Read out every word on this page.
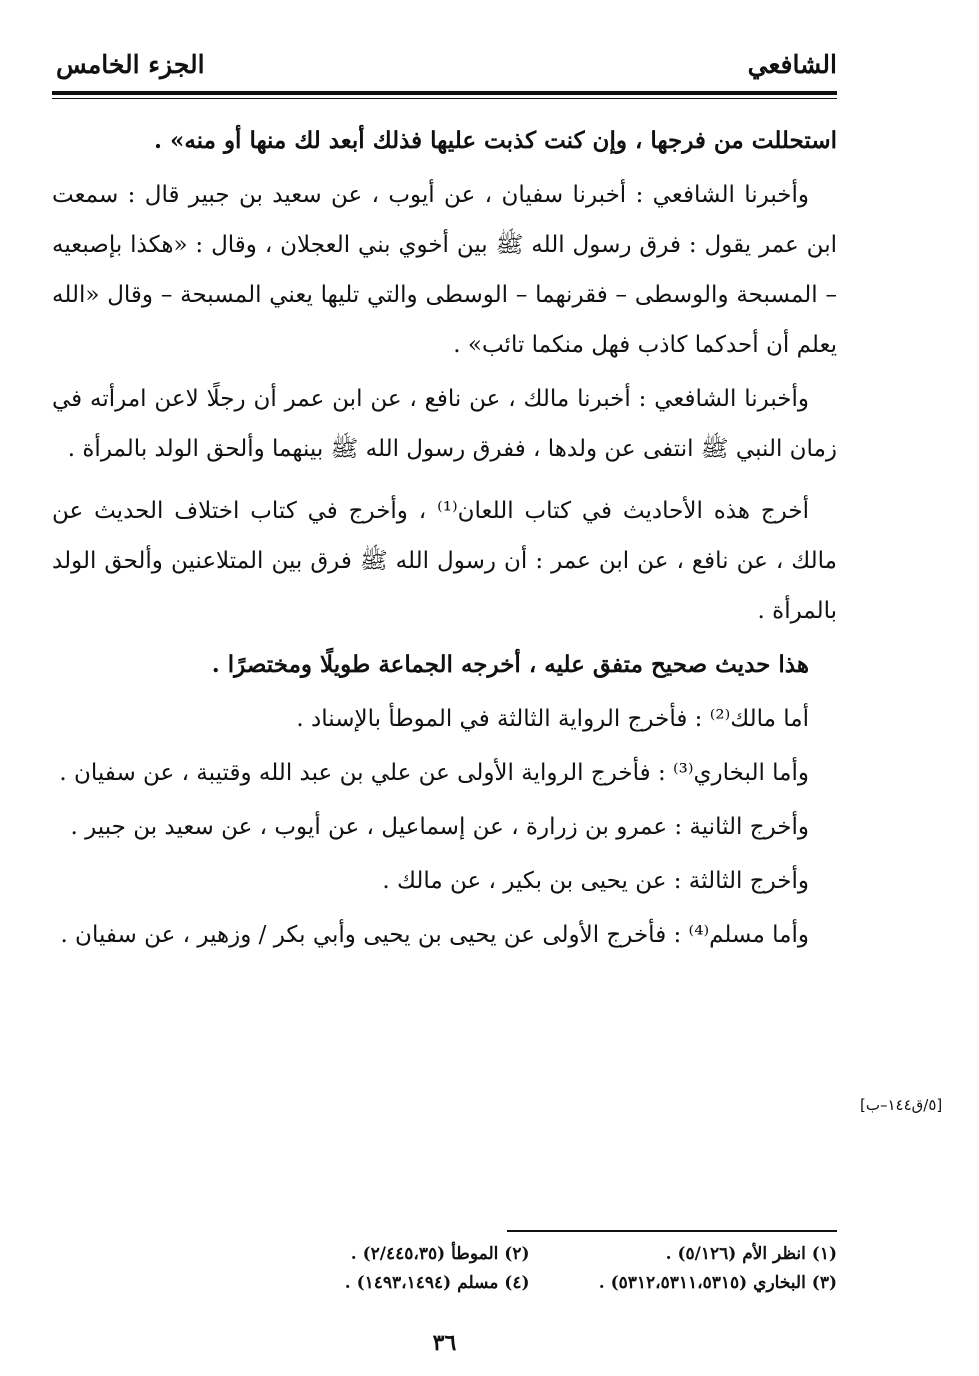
الشافعي
الجزء الخامس

استحللت من فرجها ، وإن كنت كذبت عليها فذلك أبعد لك منها أو منه» .

وأخبرنا الشافعي : أخبرنا سفيان ، عن أيوب ، عن سعيد بن جبير قال : سمعت ابن عمر يقول : فرق رسول الله ﷺ بين أخوي بني العجلان ، وقال : «هكذا بإصبعيه – المسبحة والوسطى – فقرنهما – الوسطى والتي تليها يعني المسبحة – وقال «الله يعلم أن أحدكما كاذب فهل منكما تائب» .

وأخبرنا الشافعي : أخبرنا مالك ، عن نافع ، عن ابن عمر أن رجلًا لاعن امرأته في زمان النبي ﷺ انتفى عن ولدها ، ففرق رسول الله ﷺ بينهما وألحق الولد بالمرأة .

أخرج هذه الأحاديث في كتاب اللعان⁽¹⁾ ، وأخرج في كتاب اختلاف الحديث عن مالك ، عن نافع ، عن ابن عمر : أن رسول الله ﷺ فرق بين المتلاعنين وألحق الولد بالمرأة .

هذا حديث صحيح متفق عليه ، أخرجه الجماعة طويلًا ومختصرًا .

أما مالك⁽²⁾ : فأخرج الرواية الثالثة في الموطأ بالإسناد .

وأما البخاري⁽³⁾ : فأخرج الرواية الأولى عن علي بن عبد الله وقتيبة ، عن سفيان .

وأخرج الثانية : عمرو بن زرارة ، عن إسماعيل ، عن أيوب ، عن سعيد بن جبير .

وأخرج الثالثة : عن يحيى بن بكير ، عن مالك .

وأما مسلم⁽⁴⁾ : فأخرج الأولى عن يحيى بن يحيى وأبي بكر / وزهير ، عن سفيان .

(١) انظر الأم (٥/١٢٦) .
(٢) الموطأ (٢/٤٤٥،٣٥) .
(٣) البخاري (٥٣١٢،٥٣١١،٥٣١٥) .
(٤) مسلم (١٤٩٣،١٤٩٤) .
٣٦
[٥/ق١٤٤–ب]
